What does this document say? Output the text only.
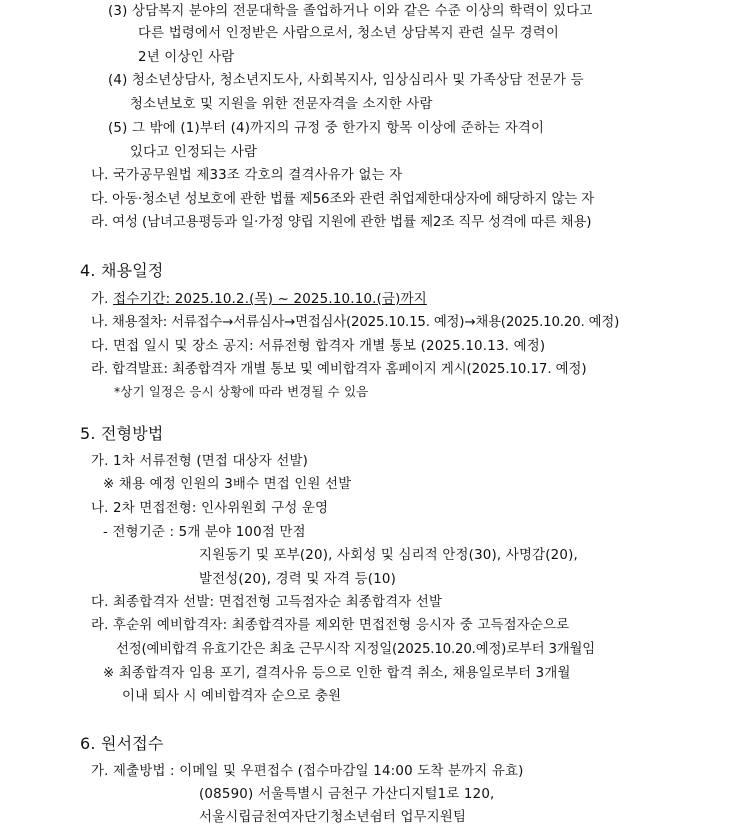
(3) 상담복지 분야의 전문대학을 졸업하거나 이와 같은 수준 이상의 학력이 있다고
다른 법령에서 인정받은 사람으로서, 청소년 상담복지 관련 실무 경력이
2년 이상인 사람
(4) 청소년상담사, 청소년지도사, 사회복지사, 임상심리사 및 가족상담 전문가 등
청소년보호 및 지원을 위한 전문자격을 소지한 사람
(5) 그 밖에 (1)부터 (4)까지의 규정 중 한가지 항목 이상에 준하는 자격이
있다고 인정되는 사람
나. 국가공무원법 제33조 각호의 결격사유가 없는 자
다. 아동·청소년 성보호에 관한 법률 제56조와 관련 취업제한대상자에 해당하지 않는 자
라. 여성 (남녀고용평등과 일·가정 양립 지원에 관한 법률 제2조 직무 성격에 따른 채용)
4. 채용일정
가. 접수기간: 2025.10.2.(목) ~ 2025.10.10.(금)까지
나. 채용절차: 서류접수→서류심사→면접심사(2025.10.15. 예정)→채용(2025.10.20. 예정)
다. 면접 일시 및 장소 공지: 서류전형 합격자 개별 통보 (2025.10.13. 예정)
라. 합격발표: 최종합격자 개별 통보 및 예비합격자 홈페이지 게시(2025.10.17. 예정)
*상기 일정은 응시 상황에 따라 변경될 수 있음
5. 전형방법
가. 1차 서류전형 (면접 대상자 선발)
※ 채용 예정 인원의 3배수 면접 인원 선발
나. 2차 면접전형: 인사위원회 구성 운영
- 전형기준 : 5개 분야 100점 만점
지원동기 및 포부(20), 사회성 및 심리적 안정(30), 사명감(20),
발전성(20), 경력 및 자격 등(10)
다. 최종합격자 선발: 면접전형 고득점자순 최종합격자 선발
라. 후순위 예비합격자: 최종합격자를 제외한 면접전형 응시자 중 고득점자순으로
선정(예비합격 유효기간은 최초 근무시작 지정일(2025.10.20.예정)로부터 3개월임
※ 최종합격자 임용 포기, 결격사유 등으로 인한 합격 취소, 채용일로부터 3개월
이내 퇴사 시 예비합격자 순으로 충원
6. 원서접수
가. 제출방법 : 이메일 및 우편접수 (접수마감일 14:00 도착 분까지 유효)
(08590) 서울특별시 금천구 가산디지털1로 120,
서울시립금천여자단기청소년쉼터 업무지원팀
